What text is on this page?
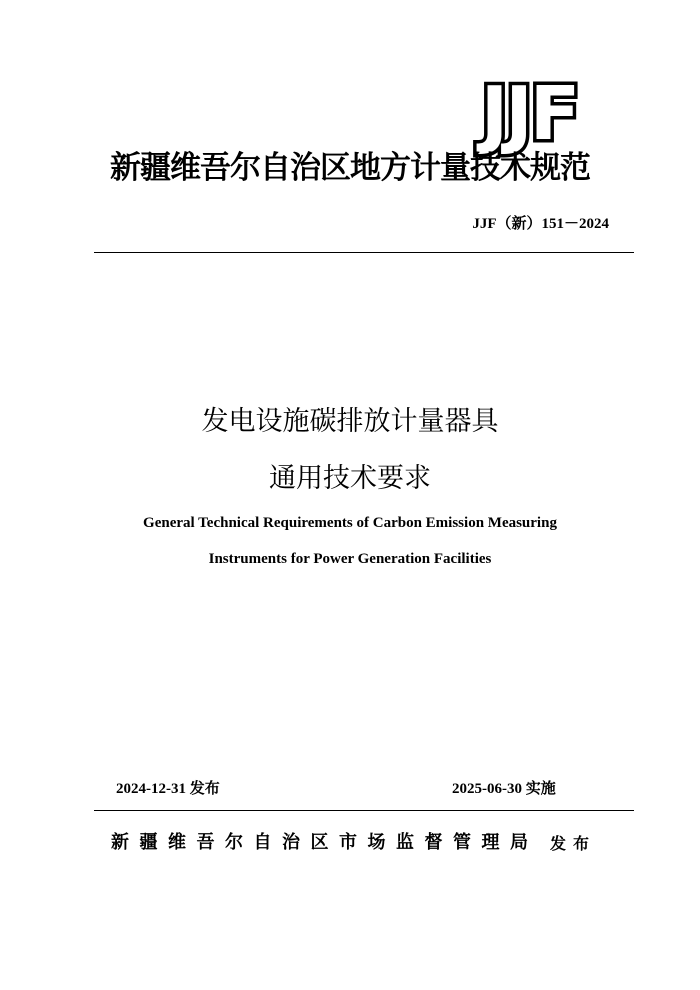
JJF
新疆维吾尔自治区地方计量技术规范
JJF（新）151－2024
发电设施碳排放计量器具
通用技术要求
General Technical Requirements of Carbon Emission Measuring
Instruments for Power Generation Facilities
2024-12-31 发布	2025-06-30 实施
新疆维吾尔自治区市场监督管理局 发布
